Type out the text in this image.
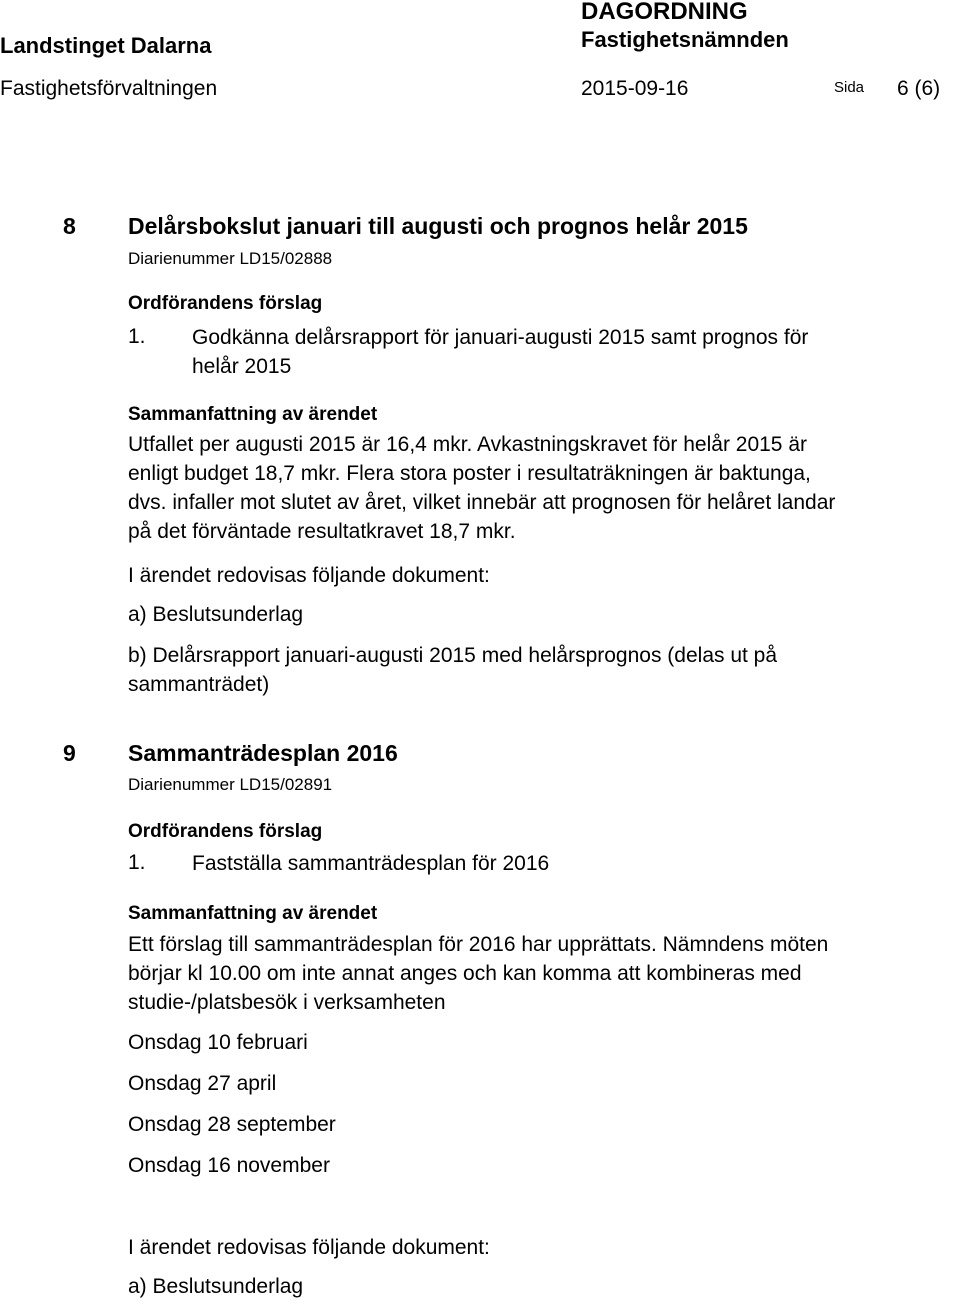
DAGORDNING
Fastighetsnämnden
Landstinget Dalarna
Fastighetsförvaltningen	2015-09-16	Sida 6 (6)
8 Delårsbokslut januari till augusti och prognos helår 2015
Diarienummer LD15/02888
Ordförandens förslag
1. Godkänna delårsrapport för januari-augusti 2015 samt prognos för
helår 2015
Sammanfattning av ärendet
Utfallet per augusti 2015 är 16,4 mkr. Avkastningskravet för helår 2015 är
enligt budget 18,7 mkr. Flera stora poster i resultaträkningen är baktunga,
dvs. infaller mot slutet av året, vilket innebär att prognosen för helåret landar
på det förväntade resultatkravet 18,7 mkr.
I ärendet redovisas följande dokument:
a) Beslutsunderlag
b) Delårsrapport januari-augusti 2015 med helårsprognos (delas ut på
sammanträdet)
9 Sammanträdesplan 2016
Diarienummer LD15/02891
Ordförandens förslag
1. Fastställa sammanträdesplan för 2016
Sammanfattning av ärendet
Ett förslag till sammanträdesplan för 2016 har upprättats. Nämndens möten
börjar kl 10.00 om inte annat anges och kan komma att kombineras med
studie-/platsbesök i verksamheten
Onsdag 10 februari
Onsdag 27 april
Onsdag 28 september
Onsdag 16 november
I ärendet redovisas följande dokument:
a) Beslutsunderlag
